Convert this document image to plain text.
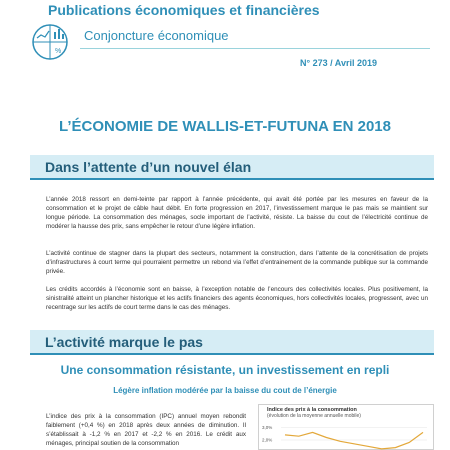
Publications économiques et financières
%
Conjoncture économique
N° 273 / Avril 2019
L’ÉCONOMIE DE WALLIS-ET-FUTUNA EN 2018
Dans l’attente d’un nouvel élan

L’année 2018 ressort en demi-teinte par rapport à l’année précédente, qui avait été portée par les mesures en faveur de la consommation et le projet de câble haut débit. En forte progression en 2017, l’investissement marque le pas mais se maintient sur longue période. La consommation des ménages, socle important de l’activité, résiste. La baisse du cout de l’électricité continue de modérer la hausse des prix, sans empêcher le retour d’une légère inflation.

L’activité continue de stagner dans la plupart des secteurs, notamment la construction, dans l’attente de la concrétisation de projets d’infrastructures à court terme qui pourraient permettre un rebond via l’effet d’entrainement de la commande publique sur la commande privée.

Les crédits accordés à l’économie sont en baisse, à l’exception notable de l’encours des collectivités locales. Plus positivement, la sinistralité atteint un plancher historique et les actifs financiers des agents économiques, hors collectivités locales, progressent, avec un recentrage sur les actifs de court terme dans le cas des ménages.

L’activité marque le pas
Une consommation résistante, un investissement en repli
Légère inflation modérée par la baisse du cout de l’énergie

L’indice des prix à la consommation (IPC) annuel moyen rebondit faiblement (+0,4 %) en 2018 après deux années de diminution. Il s’établissait à -1,2 % en 2017 et -2,2 % en 2016. Le crédit aux ménages, principal soutien de la consommation

Indice des prix à la consommation
(évolution de la moyenne annuelle mobile)
3,0%
2,0%
